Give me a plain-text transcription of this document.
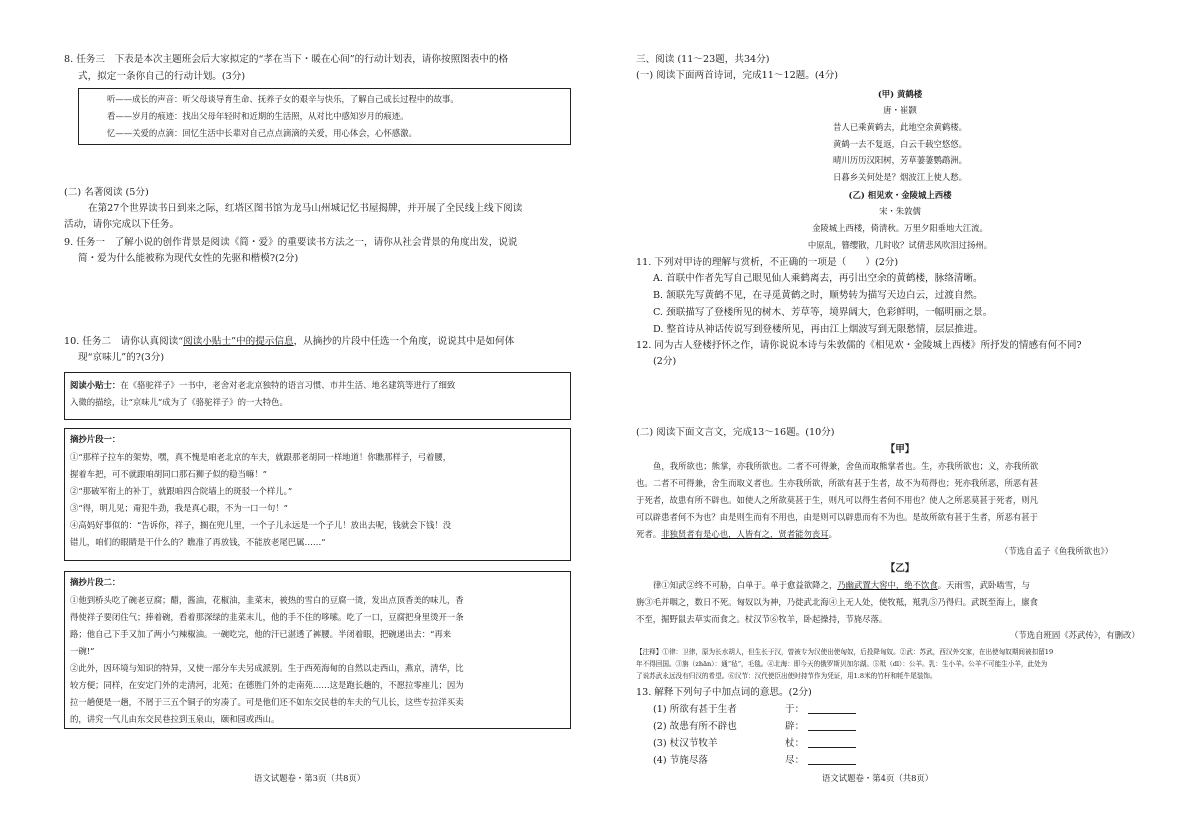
8. 任务三　下表是本次主题班会后大家拟定的“孝在当下・暖在心间”的行动计划表，请你按照图表中的格
式，拟定一条你自己的行动计划。(3分)
听——成长的声音：听父母谈导育生命、抚养子女的艰辛与快乐，了解自己成长过程中的故事。
看——岁月的痕迹：找出父母年轻时和近期的生活照，从对比中感知岁月的痕迹。
忆——关爱的点滴：回忆生活中长辈对自己点点滴滴的关爱，用心体会，心怀感激。
(二) 名著阅读 (5分)
在第27个世界读书日到来之际，红塔区图书馆为龙马山州城记忆书屋揭牌，并开展了全民线上线下阅读
活动，请你完成以下任务。
9. 任务一　了解小说的创作背景是阅读《简・爱》的重要读书方法之一，请你从社会背景的角度出发，说说
简・爱为什么能被称为现代女性的先驱和楷模?(2分)
10. 任务二　请你认真阅读“阅读小贴士”中的提示信息，从摘抄的片段中任选一个角度，说说其中是如何体
现“京味儿”的?(3分)
阅读小贴士：在《骆驼祥子》一书中，老舍对老北京独特的语言习惯、市井生活、地名建筑等进行了细致
入微的描绘，让“京味儿”成为了《骆驼祥子》的一大特色。
摘抄片段一：
①“那样子拉车的架势，嘿，真不愧是咱老北京的车夫，就跟那老胡同一样地道！你瞧那样子，弓着腰，
握着车把，可不就跟咱胡同口那石狮子似的稳当嘛！”
②“那破军衔上的补丁，就跟咱四合院墙上的斑驳一个样儿。”
③“得，明儿见；甭犯牛劲，我是真心眼，不为一口一句！”
④高妈好事似的：“告诉你，祥子，搁在兜儿里，一个子儿永远是一个子儿！放出去呢，钱就会下钱！没
错儿，咱们的眼睛是干什么的？瞧准了再放钱，不能放老尾巴属……”
摘抄片段二：
①他到桥头吃了碗老豆腐；醋，酱油，花椒油，韭菜末，被热的雪白的豆腐一烫，发出点顶香美的味儿，香
得使祥子要闭住气；捧着碗，看着那深绿的韭菜末儿，他的手不住的哆嗦。吃了一口，豆腐把身里烫开一条
路；他自己下手又加了两小勺辣椒油。一碗吃完，他的汗已湛透了裤腰。半闭着眼，把碗递出去：“再来
一碗!”
②此外，因环境与知识的特异，又使一部分车夫另成派别。生于西苑海甸的自然以走西山，燕京，清华，比
较方便；同样，在安定门外的走清河，北苑；在德胜门外的走南苑……这是跑长趟的，不愿拉零座儿；因为
拉一趟便是一趟，不屑于三五个铜子的穷凑了。可是他们还不如东交民巷的车夫的气儿长，这些专拉洋买卖
的，讲究一气儿由东交民巷拉到玉泉山，颐和园或西山。
语文试题卷・第3页（共8页）
三、阅读 (11～23题，共34分)
(一) 阅读下面两首诗词，完成11～12题。(4分)
(甲) 黄鹤楼
唐・崔颢
昔人已乘黄鹤去，此地空余黄鹤楼。
黄鹤一去不复返，白云千载空悠悠。
晴川历历汉阳树，芳草萋萋鹦鹉洲。
日暮乡关何处是？烟波江上使人愁。
(乙) 相见欢・金陵城上西楼
宋・朱敦儒
金陵城上西楼，倚清秋。万里夕阳垂地大江流。
中原乱，簪缨散，几时收？试倩悲风吹泪过扬州。
11. 下列对甲诗的理解与赏析，不正确的一项是（　　）(2分)
A. 首联中作者先写自己眼见仙人乘鹤离去，再引出空余的黄鹤楼，脉络清晰。
B. 颔联先写黄鹤不见，在寻觅黄鹤之时，顺势转为描写天边白云，过渡自然。
C. 颈联描写了登楼所见的树木、芳草等，境界阔大，色彩鲜明，一幅明丽之景。
D. 整首诗从神话传说写到登楼所见，再由江上烟波写到无限愁情，层层推进。
12. 同为古人登楼抒怀之作，请你说说本诗与朱敦儒的《相见欢・金陵城上西楼》所抒发的情感有何不同?
(2分)
(二) 阅读下面文言文，完成13～16题。(10分)
【甲】
鱼，我所欲也；熊掌，亦我所欲也。二者不可得兼，舍鱼而取熊掌者也。生，亦我所欲也；义，亦我所欲
也。二者不可得兼，舍生而取义者也。生亦我所欲，所欲有甚于生者，故不为苟得也；死亦我所恶，所恶有甚
于死者，故患有所不辟也。如使人之所欲莫甚于生，则凡可以得生者何不用也？使人之所恶莫甚于死者，则凡
可以辟患者何不为也？由是则生而有不用也，由是则可以辟患而有不为也。是故所欲有甚于生者，所恶有甚于
死者。非独贤者有是心也，人皆有之，贤者能勿丧耳。
（节选自孟子《鱼我所欲也》）
【乙】
律①知武②终不可胁，白单于。单于愈益欲降之，乃幽武置大窖中，绝不饮食。天雨雪，武卧啮雪，与
旃③毛并咽之，数日不死。匈奴以为神，乃徙武北海④上无人处，使牧羝，羝乳⑤乃得归。武既至海上，廪食
不至，掘野鼠去草实而食之。杖汉节⑥牧羊，卧起操持，节旄尽落。
（节选自班固《苏武传》，有删改）
【注释】①律：卫律，原为长水胡人，但生长于汉，曾被专为汉使出使匈奴，后投降匈奴。②武：苏武，西汉外交家，在出使匈奴期间被扣留19
年不得回国。③旃（zhān）：通“毡”，毛毯。④北海：即今天的俄罗斯贝加尔湖。⑤羝（dī）：公羊。乳：生小羊。公羊不可能生小羊，此处为
了说苏武永远没有归汉的希望。⑥汉节：汉代使臣出使时持节作为凭证，用1.8米的竹杆和牦牛尾装饰。
13. 解释下列句子中加点词的意思。(2分)
(1) 所欲有甚于生者	于：
(2) 故患有所不辟也	辟：
(3) 杖汉节牧羊	杖：
(4) 节旄尽落	尽：
语文试题卷・第4页（共8页）
